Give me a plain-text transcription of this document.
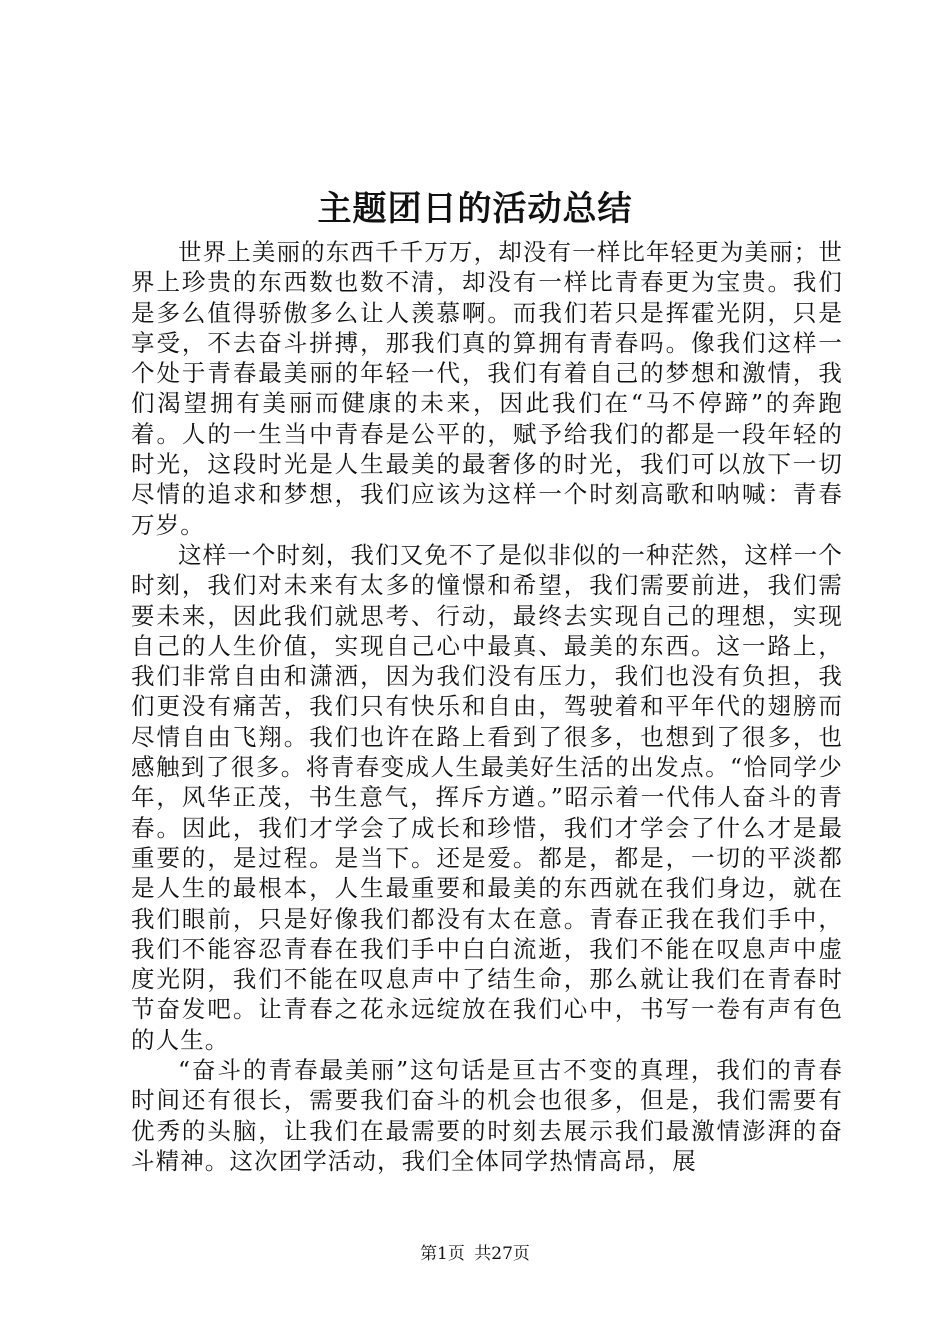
主题团日的活动总结

世界上美丽的东西千千万万，却没有一样比年轻更为美丽；世界上珍贵的东西数也数不清，却没有一样比青春更为宝贵。我们是多么值得骄傲多么让人羡慕啊。而我们若只是挥霍光阴，只是享受，不去奋斗拼搏，那我们真的算拥有青春吗。像我们这样一个处于青春最美丽的年轻一代，我们有着自己的梦想和激情，我们渴望拥有美丽而健康的未来，因此我们在“马不停蹄”的奔跑着。人的一生当中青春是公平的，赋予给我们的都是一段年轻的时光，这段时光是人生最美的最奢侈的时光，我们可以放下一切尽情的追求和梦想，我们应该为这样一个时刻高歌和呐喊：青春万岁。

这样一个时刻，我们又免不了是似非似的一种茫然，这样一个时刻，我们对未来有太多的憧憬和希望，我们需要前进，我们需要未来，因此我们就思考、行动，最终去实现自己的理想，实现自己的人生价值，实现自己心中最真、最美的东西。这一路上，我们非常自由和潇洒，因为我们没有压力，我们也没有负担，我们更没有痛苦，我们只有快乐和自由，驾驶着和平年代的翅膀而尽情自由飞翔。我们也许在路上看到了很多，也想到了很多，也感触到了很多。将青春变成人生最美好生活的出发点。“恰同学少年，风华正茂，书生意气，挥斥方遒。”昭示着一代伟人奋斗的青春。因此，我们才学会了成长和珍惜，我们才学会了什么才是最重要的，是过程。是当下。还是爱。都是，都是，一切的平淡都是人生的最根本，人生最重要和最美的东西就在我们身边，就在我们眼前，只是好像我们都没有太在意。青春正我在我们手中，我们不能容忍青春在我们手中白白流逝，我们不能在叹息声中虚度光阴，我们不能在叹息声中了结生命，那么就让我们在青春时节奋发吧。让青春之花永远绽放在我们心中，书写一卷有声有色的人生。

“奋斗的青春最美丽”这句话是亘古不变的真理，我们的青春时间还有很长，需要我们奋斗的机会也很多，但是，我们需要有优秀的头脑，让我们在最需要的时刻去展示我们最激情澎湃的奋斗精神。这次团学活动，我们全体同学热情高昂，展

第1页 共27页
